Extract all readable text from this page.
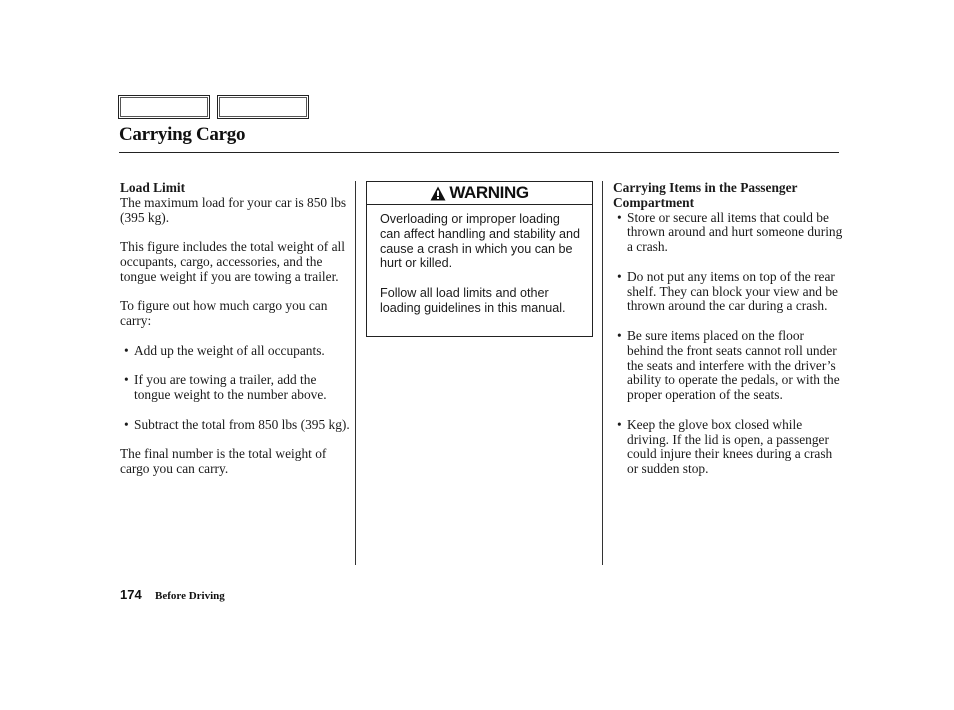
Carrying Cargo

Load Limit

The maximum load for your car is 850 lbs (395 kg).

This figure includes the total weight of all occupants, cargo, accessories, and the tongue weight if you are towing a trailer.

To figure out how much cargo you can carry:

• Add up the weight of all occupants.
• If you are towing a trailer, add the tongue weight to the number above.
• Subtract the total from 850 lbs (395 kg).

The final number is the total weight of cargo you can carry.

WARNING

Overloading or improper loading can affect handling and stability and cause a crash in which you can be hurt or killed.

Follow all load limits and other loading guidelines in this manual.

Carrying Items in the Passenger Compartment

• Store or secure all items that could be thrown around and hurt someone during a crash.
• Do not put any items on top of the rear shelf. They can block your view and be thrown around the car during a crash.
• Be sure items placed on the floor behind the front seats cannot roll under the seats and interfere with the driver’s ability to operate the pedals, or with the proper operation of the seats.
• Keep the glove box closed while driving. If the lid is open, a passenger could injure their knees during a crash or sudden stop.
174 Before Driving
